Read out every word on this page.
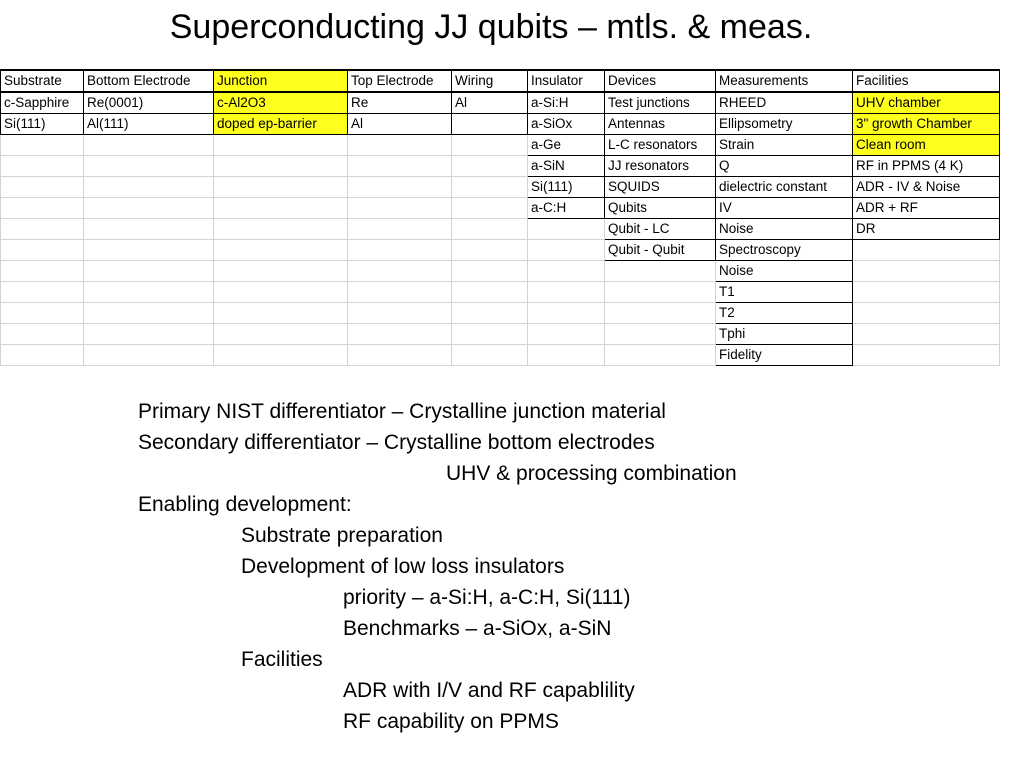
Superconducting JJ qubits – mtls. & meas.
Substrate	Bottom Electrode	Junction	Top Electrode	Wiring	Insulator	Devices	Measurements	Facilities
c-Sapphire	Re(0001)	c-Al2O3	Re	Al	a-Si:H	Test junctions	RHEED	UHV chamber
Si(111)	Al(111)	doped ep-barrier	Al		a-SiOx	Antennas	Ellipsometry	3" growth Chamber
					a-Ge	L-C resonators	Strain	Clean room
					a-SiN	JJ resonators	Q	RF in PPMS (4 K)
					Si(111)	SQUIDS	dielectric constant	ADR - IV & Noise
					a-C:H	Qubits	IV	ADR + RF
						Qubit - LC	Noise	DR
						Qubit - Qubit	Spectroscopy	
							Noise	
							T1	
							T2	
							Tphi	
							Fidelity	
Primary NIST differentiator – Crystalline junction material
Secondary differentiator – Crystalline bottom electrodes
UHV & processing combination
Enabling development:
Substrate preparation
Development of low loss insulators
priority – a-Si:H, a-C:H, Si(111)
Benchmarks – a-SiOx, a-SiN
Facilities
ADR with I/V and RF capablility
RF capability on PPMS
